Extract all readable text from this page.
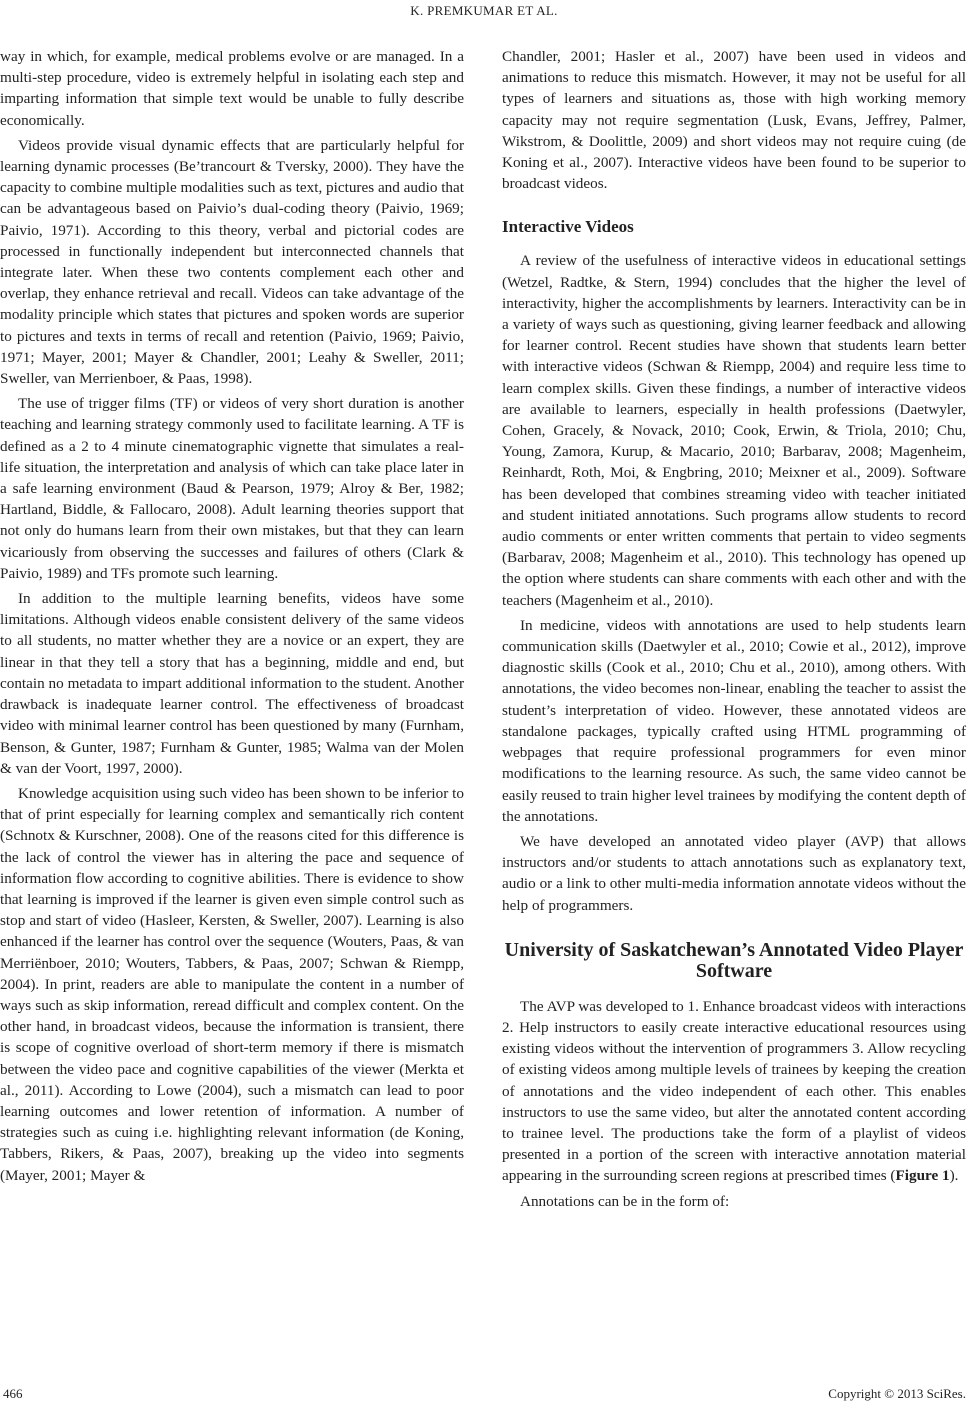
K. PREMKUMAR ET AL.

way in which, for example, medical problems evolve or are managed. In a multi-step procedure, video is extremely helpful in isolating each step and imparting information that simple text would be unable to fully describe economically.

Videos provide visual dynamic effects that are particularly helpful for learning dynamic processes (Be’trancourt & Tversky, 2000). They have the capacity to combine multiple modalities such as text, pictures and audio that can be advantageous based on Paivio’s dual-coding theory (Paivio, 1969; Paivio, 1971). According to this theory, verbal and pictorial codes are processed in functionally independent but interconnected channels that integrate later. When these two contents complement each other and overlap, they enhance retrieval and recall. Videos can take advantage of the modality principle which states that pictures and spoken words are superior to pictures and texts in terms of recall and retention (Paivio, 1969; Paivio, 1971; Mayer, 2001; Mayer & Chandler, 2001; Leahy & Sweller, 2011; Sweller, van Merrienboer, & Paas, 1998).

The use of trigger films (TF) or videos of very short duration is another teaching and learning strategy commonly used to facilitate learning. A TF is defined as a 2 to 4 minute cinematographic vignette that simulates a real-life situation, the interpretation and analysis of which can take place later in a safe learning environment (Baud & Pearson, 1979; Alroy & Ber, 1982; Hartland, Biddle, & Fallocaro, 2008). Adult learning theories support that not only do humans learn from their own mistakes, but that they can learn vicariously from observing the successes and failures of others (Clark & Paivio, 1989) and TFs promote such learning.

In addition to the multiple learning benefits, videos have some limitations. Although videos enable consistent delivery of the same videos to all students, no matter whether they are a novice or an expert, they are linear in that they tell a story that has a beginning, middle and end, but contain no metadata to impart additional information to the student. Another drawback is inadequate learner control. The effectiveness of broadcast video with minimal learner control has been questioned by many (Furnham, Benson, & Gunter, 1987; Furnham & Gunter, 1985; Walma van der Molen & van der Voort, 1997, 2000).

Knowledge acquisition using such video has been shown to be inferior to that of print especially for learning complex and semantically rich content (Schnotx & Kurschner, 2008). One of the reasons cited for this difference is the lack of control the viewer has in altering the pace and sequence of information flow according to cognitive abilities. There is evidence to show that learning is improved if the learner is given even simple control such as stop and start of video (Hasleer, Kersten, & Sweller, 2007). Learning is also enhanced if the learner has control over the sequence (Wouters, Paas, & van Merriënboer, 2010; Wouters, Tabbers, & Paas, 2007; Schwan & Riempp, 2004). In print, readers are able to manipulate the content in a number of ways such as skip information, reread difficult and complex content. On the other hand, in broadcast videos, because the information is transient, there is scope of cognitive overload of short-term memory if there is mismatch between the video pace and cognitive capabilities of the viewer (Merkta et al., 2011). According to Lowe (2004), such a mismatch can lead to poor learning outcomes and lower retention of information. A number of strategies such as cuing i.e. highlighting relevant information (de Koning, Tabbers, Rikers, & Paas, 2007), breaking up the video into segments (Mayer, 2001; Mayer &

Chandler, 2001; Hasler et al., 2007) have been used in videos and animations to reduce this mismatch. However, it may not be useful for all types of learners and situations as, those with high working memory capacity may not require segmentation (Lusk, Evans, Jeffrey, Palmer, Wikstrom, & Doolittle, 2009) and short videos may not require cuing (de Koning et al., 2007). Interactive videos have been found to be superior to broadcast videos.

Interactive Videos

A review of the usefulness of interactive videos in educational settings (Wetzel, Radtke, & Stern, 1994) concludes that the higher the level of interactivity, higher the accomplishments by learners. Interactivity can be in a variety of ways such as questioning, giving learner feedback and allowing for learner control. Recent studies have shown that students learn better with interactive videos (Schwan & Riempp, 2004) and require less time to learn complex skills. Given these findings, a number of interactive videos are available to learners, especially in health professions (Daetwyler, Cohen, Gracely, & Novack, 2010; Cook, Erwin, & Triola, 2010; Chu, Young, Zamora, Kurup, & Macario, 2010; Barbarav, 2008; Magenheim, Reinhardt, Roth, Moi, & Engbring, 2010; Meixner et al., 2009). Software has been developed that combines streaming video with teacher initiated and student initiated annotations. Such programs allow students to record audio comments or enter written comments that pertain to video segments (Barbarav, 2008; Magenheim et al., 2010). This technology has opened up the option where students can share comments with each other and with the teachers (Magenheim et al., 2010).

In medicine, videos with annotations are used to help students learn communication skills (Daetwyler et al., 2010; Cowie et al., 2012), improve diagnostic skills (Cook et al., 2010; Chu et al., 2010), among others. With annotations, the video becomes non-linear, enabling the teacher to assist the student’s interpretation of video. However, these annotated videos are standalone packages, typically crafted using HTML programming of webpages that require professional programmers for even minor modifications to the learning resource. As such, the same video cannot be easily reused to train higher level trainees by modifying the content depth of the annotations.

We have developed an annotated video player (AVP) that allows instructors and/or students to attach annotations such as explanatory text, audio or a link to other multi-media information annotate videos without the help of programmers.

University of Saskatchewan’s Annotated Video Player Software

The AVP was developed to 1. Enhance broadcast videos with interactions 2. Help instructors to easily create interactive educational resources using existing videos without the intervention of programmers 3. Allow recycling of existing videos among multiple levels of trainees by keeping the creation of annotations and the video independent of each other. This enables instructors to use the same video, but alter the annotated content according to trainee level. The productions take the form of a playlist of videos presented in a portion of the screen with interactive annotation material appearing in the surrounding screen regions at prescribed times (Figure 1).

Annotations can be in the form of:

466	Copyright © 2013 SciRes.
